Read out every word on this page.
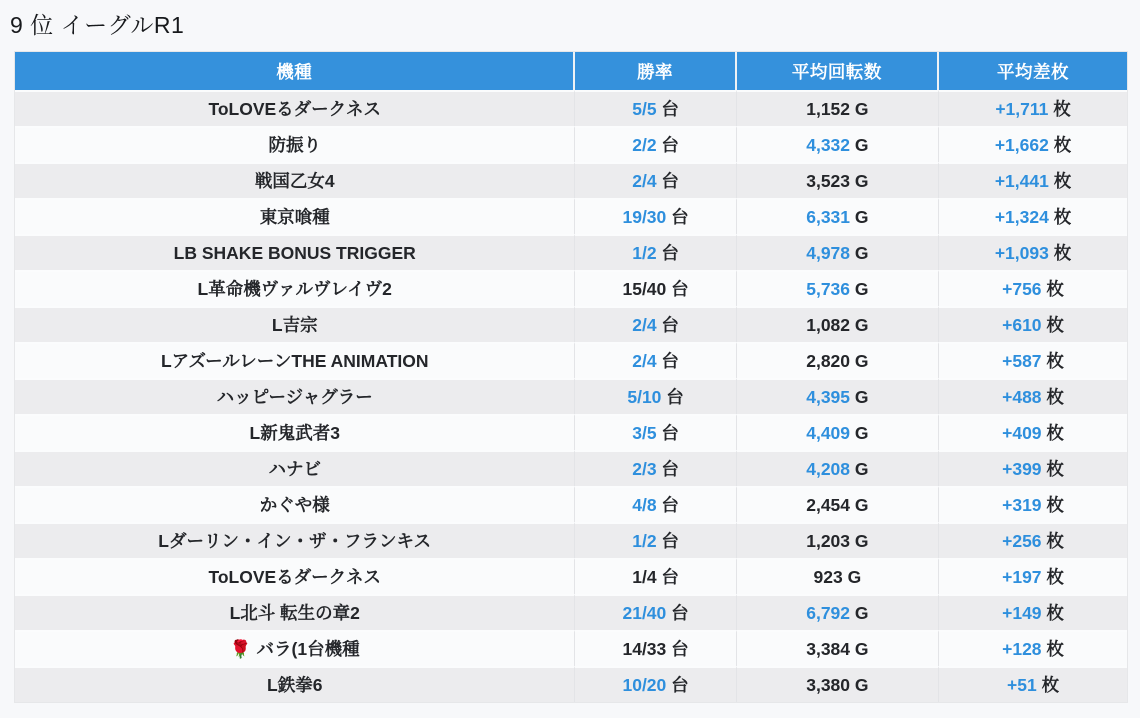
9 位 イーグルR1
機種	勝率	平均回転数	平均差枚
ToLOVEるダークネス	5/5 台	1,152 G	+1,711 枚
防振り	2/2 台	4,332 G	+1,662 枚
戦国乙女4	2/4 台	3,523 G	+1,441 枚
東京喰種	19/30 台	6,331 G	+1,324 枚
LB SHAKE BONUS TRIGGER	1/2 台	4,978 G	+1,093 枚
L革命機ヴァルヴレイヴ2	15/40 台	5,736 G	+756 枚
L吉宗	2/4 台	1,082 G	+610 枚
LアズールレーンTHE ANIMATION	2/4 台	2,820 G	+587 枚
ハッピージャグラー	5/10 台	4,395 G	+488 枚
L新鬼武者3	3/5 台	4,409 G	+409 枚
ハナビ	2/3 台	4,208 G	+399 枚
かぐや様	4/8 台	2,454 G	+319 枚
Lダーリン・イン・ザ・フランキス	1/2 台	1,203 G	+256 枚
ToLOVEるダークネス	1/4 台	923 G	+197 枚
L北斗 転生の章2	21/40 台	6,792 G	+149 枚
🌹 バラ(1台機種	14/33 台	3,384 G	+128 枚
L鉄拳6	10/20 台	3,380 G	+51 枚
